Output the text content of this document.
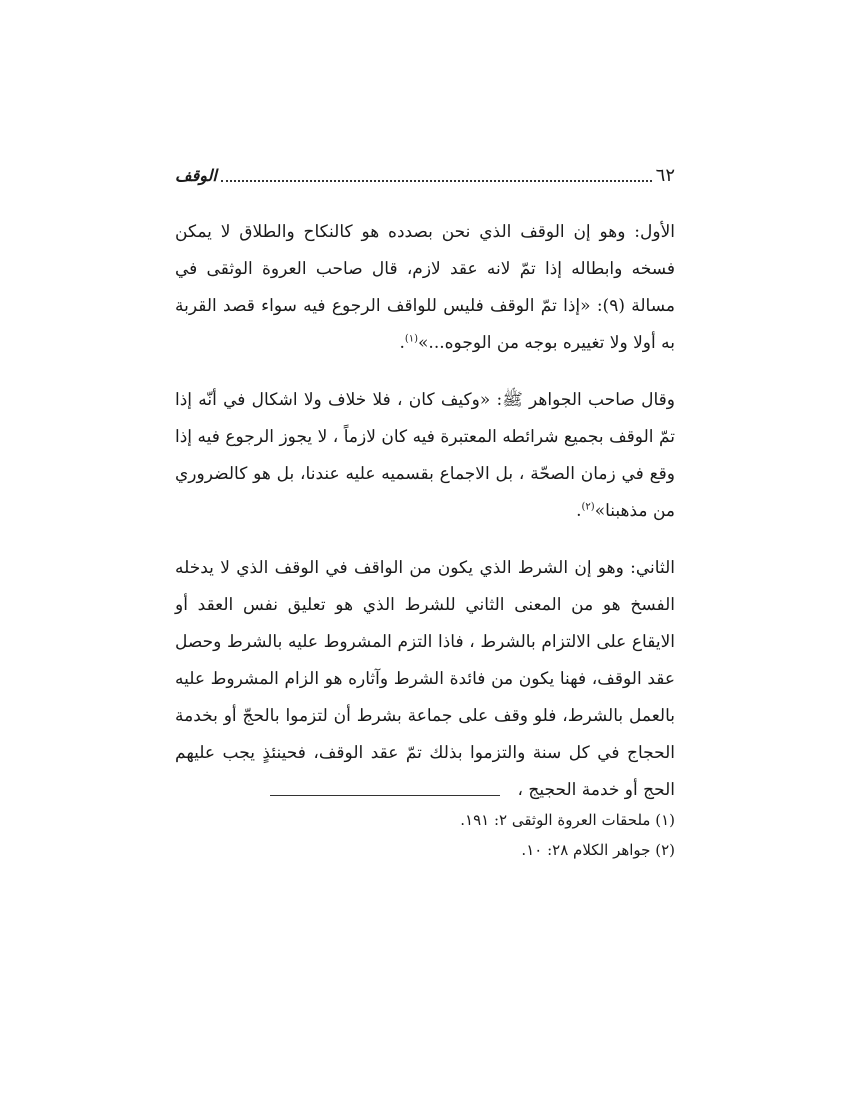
٦٢
الوقف

الأول: وهو إن الوقف الذي نحن بصدده هو كالنكاح والطلاق لا يمكن فسخه وابطاله إذا تمّ لانه عقد لازم، قال صاحب العروة الوثقى في مسالة (٩): «إذا تمّ الوقف فليس للواقف الرجوع فيه سواء قصد القربة به أولا ولا تغييره بوجه من الوجوه...»$^{(١)}$.

وقال صاحب الجواهر ﷺ: «وكيف كان ، فلا خلاف ولا اشكال في أنّه إذا تمّ الوقف بجميع شرائطه المعتبرة فيه كان لازماً ، لا يجوز الرجوع فيه إذا وقع في زمان الصحّة ، بل الاجماع بقسميه عليه عندنا، بل هو كالضروري من مذهبنا»$^{(٢)}$.

الثاني: وهو إن الشرط الذي يكون من الواقف في الوقف الذي لا يدخله الفسخ هو من المعنى الثاني للشرط الذي هو تعليق نفس العقد أو الايقاع على الالتزام بالشرط ، فاذا التزم المشروط عليه بالشرط وحصل عقد الوقف، فهنا يكون من فائدة الشرط وآثاره هو الزام المشروط عليه بالعمل بالشرط، فلو وقف على جماعة بشرط أن لتزموا بالحجّ أو بخدمة الحجاج في كل سنة والتزموا بذلك تمّ عقد الوقف، فحينئذٍ يجب عليهم الحج أو خدمة الحجيج ،

(١) ملحقات العروة الوثقى ٢: ١٩١.

(٢) جواهر الكلام ٢٨: ١٠.
